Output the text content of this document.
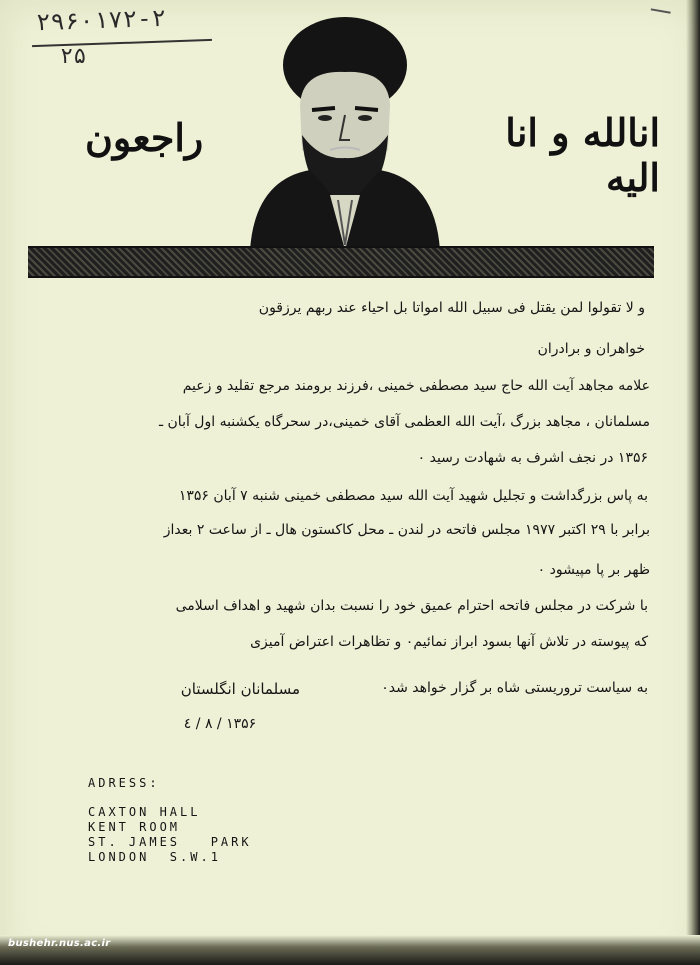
۲۹۶۰۱۷۲-۲
۲۵
انالله و انا اليه
راجعون
و لا تقولوا لمن يقتل فی سبيل الله امواتا بل احياء عند ربهم يرزقون
خواهران و برادران
علامه مجاهد آيت الله حاج سيد مصطفی خمينی ،فرزند برومند مرجع تقليد و زعيم
مسلمانان ، مجاهد بزرگ ،آيت الله العظمی آقای خمينی،در سحرگاه يکشنبه اول آبان ـ
۱۳۵۶ در نجف اشرف به شهادت رسيد ٠
به پاس بزرگداشت و تجليل شهيد آيت الله سيد مصطفی خمينی شنبه ۷ آبان ۱۳۵۶
برابر با ۲۹ اکتبر ۱۹۷۷ مجلس فاتحه در لندن ـ محل کاکستون هال ـ از ساعت ۲ بعداز
ظهر بر پا مپیشود ٠
با شرکت در مجلس فاتحه احترام عميق خود را نسبت بدان شهيد و اهداف اسلامی
که پيوسته در تلاش آنها بسود ابراز نمائيم٠ و تظاهرات اعتراض آميزی
به سياست تروريستی شاه بر گزار خواهد شد٠
مسلمانان انگلستان
۱۳۵۶ / ۸ / ٤
ADRESS:
CAXTON HALL
KENT ROOM
ST. JAMES   PARK
LONDON  S.W.1
bushehr.nus.ac.ir
